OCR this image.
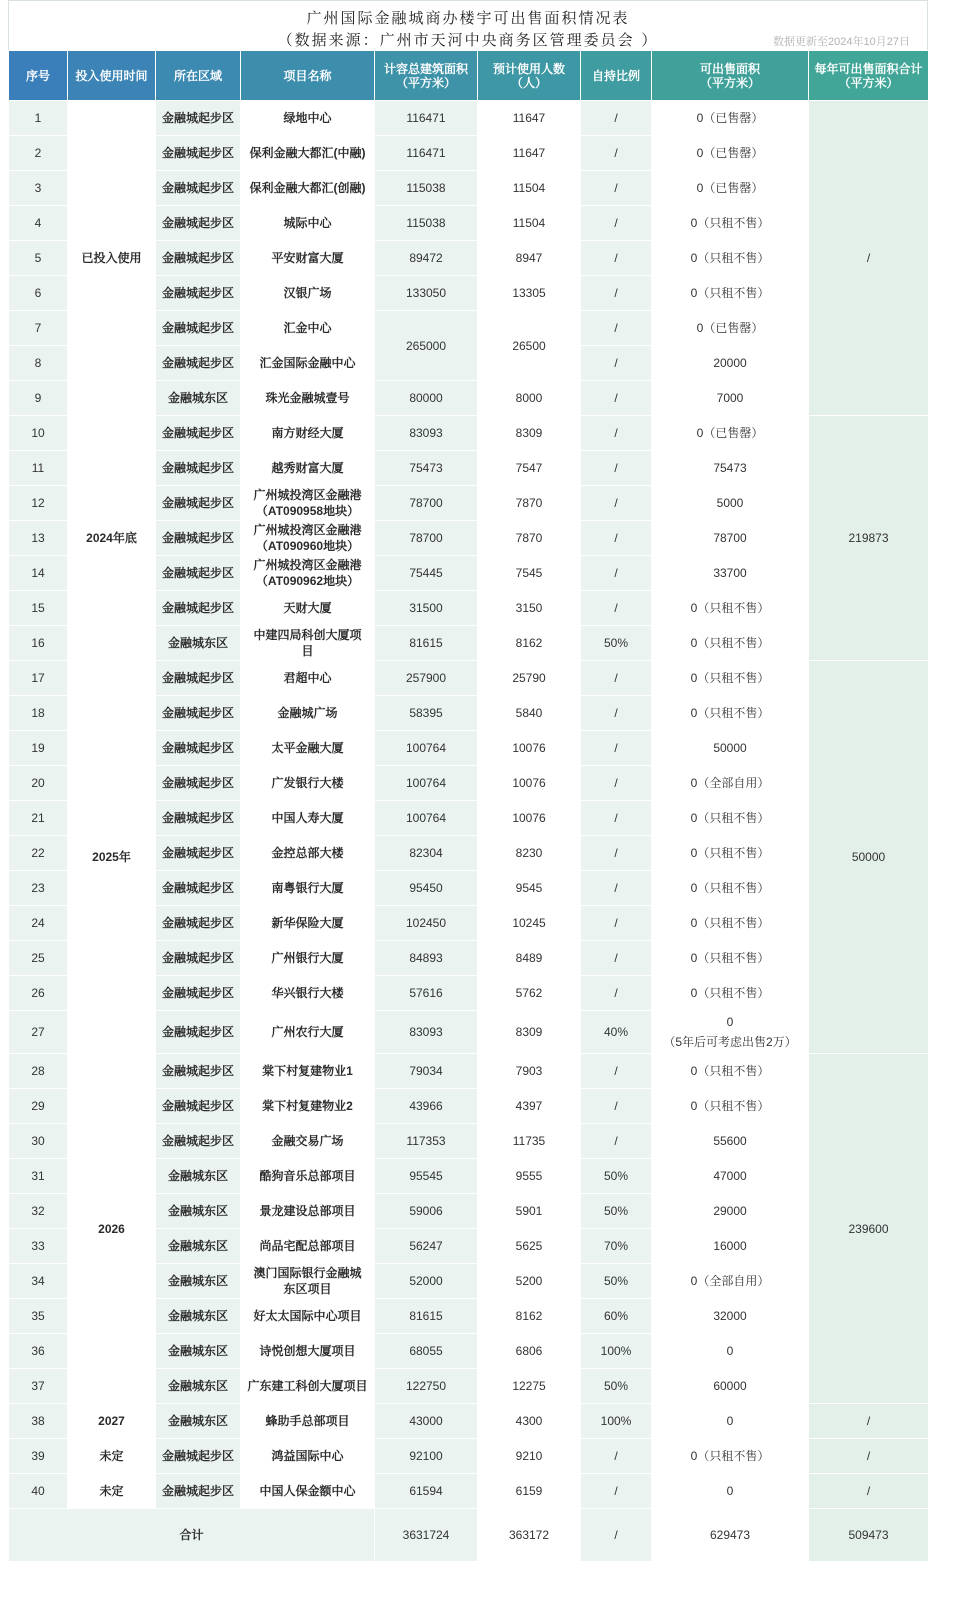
广州国际金融城商办楼宇可出售面积情况表
（数据来源：广州市天河中央商务区管理委员会 ）	数据更新至2024年10月27日
序号	投入使用时间	所在区域	项目名称	计容总建筑面积
（平方米）	预计使用人数
（人）	自持比例	可出售面积
（平方米）	每年可出售面积合计
（平方米）

1	已投入使用	金融城起步区	绿地中心	116471	11647	/	0（已售罄）	/
2		金融城起步区	保利金融大都汇(中融)	116471	11647	/	0（已售罄）	
3		金融城起步区	保利金融大都汇(创融)	115038	11504	/	0（已售罄）	
4		金融城起步区	城际中心	115038	11504	/	0（只租不售）	
5		金融城起步区	平安财富大厦	89472	8947	/	0（只租不售）	
6		金融城起步区	汉银广场	133050	13305	/	0（只租不售）	
7		金融城起步区	汇金中心	265000	26500	/	0（已售罄）	
8		金融城起步区	汇金国际金融中心			/	20000	
9		金融城东区	珠光金融城壹号	80000	8000	/	7000	
10	2024年底	金融城起步区	南方财经大厦	83093	8309	/	0（已售罄）	219873
11		金融城起步区	越秀财富大厦	75473	7547	/	75473	
12		金融城起步区	广州城投湾区金融港
（AT090958地块）	78700	7870	/	5000	
13		金融城起步区	广州城投湾区金融港
（AT090960地块）	78700	7870	/	78700	
14		金融城起步区	广州城投湾区金融港
（AT090962地块）	75445	7545	/	33700	
15		金融城起步区	天财大厦	31500	3150	/	0（只租不售）	
16		金融城东区	中建四局科创大厦项
目	81615	8162	50%	0（只租不售）	
17	2025年	金融城起步区	君超中心	257900	25790	/	0（只租不售）	50000
18		金融城起步区	金融城广场	58395	5840	/	0（只租不售）	
19		金融城起步区	太平金融大厦	100764	10076	/	50000	
20		金融城起步区	广发银行大楼	100764	10076	/	0（全部自用）	
21		金融城起步区	中国人寿大厦	100764	10076	/	0（只租不售）	
22		金融城起步区	金控总部大楼	82304	8230	/	0（只租不售）	
23		金融城起步区	南粤银行大厦	95450	9545	/	0（只租不售）	
24		金融城起步区	新华保险大厦	102450	10245	/	0（只租不售）	
25		金融城起步区	广州银行大厦	84893	8489	/	0（只租不售）	
26		金融城起步区	华兴银行大楼	57616	5762	/	0（只租不售）	
27		金融城起步区	广州农行大厦	83093	8309	40%	0
（5年后可考虑出售2万）	
28	2026	金融城起步区	棠下村复建物业1	79034	7903	/	0（只租不售）	239600
29		金融城起步区	棠下村复建物业2	43966	4397	/	0（只租不售）	
30		金融城起步区	金融交易广场	117353	11735	/	55600	
31		金融城东区	酷狗音乐总部项目	95545	9555	50%	47000	
32		金融城东区	景龙建设总部项目	59006	5901	50%	29000	
33		金融城东区	尚品宅配总部项目	56247	5625	70%	16000	
34		金融城东区	澳门国际银行金融城
东区项目	52000	5200	50%	0（全部自用）	
35		金融城东区	好太太国际中心项目	81615	8162	60%	32000	
36		金融城东区	诗悦创想大厦项目	68055	6806	100%	0	
37		金融城东区	广东建工科创大厦项目	122750	12275	50%	60000	
38	2027	金融城东区	蜂助手总部项目	43000	4300	100%	0	/
39	未定	金融城起步区	鸿益国际中心	92100	9210	/	0（只租不售）	/
40	未定	金融城起步区	中国人保金额中心	61594	6159	/	0	/
合计				3631724	363172	/	629473	509473
